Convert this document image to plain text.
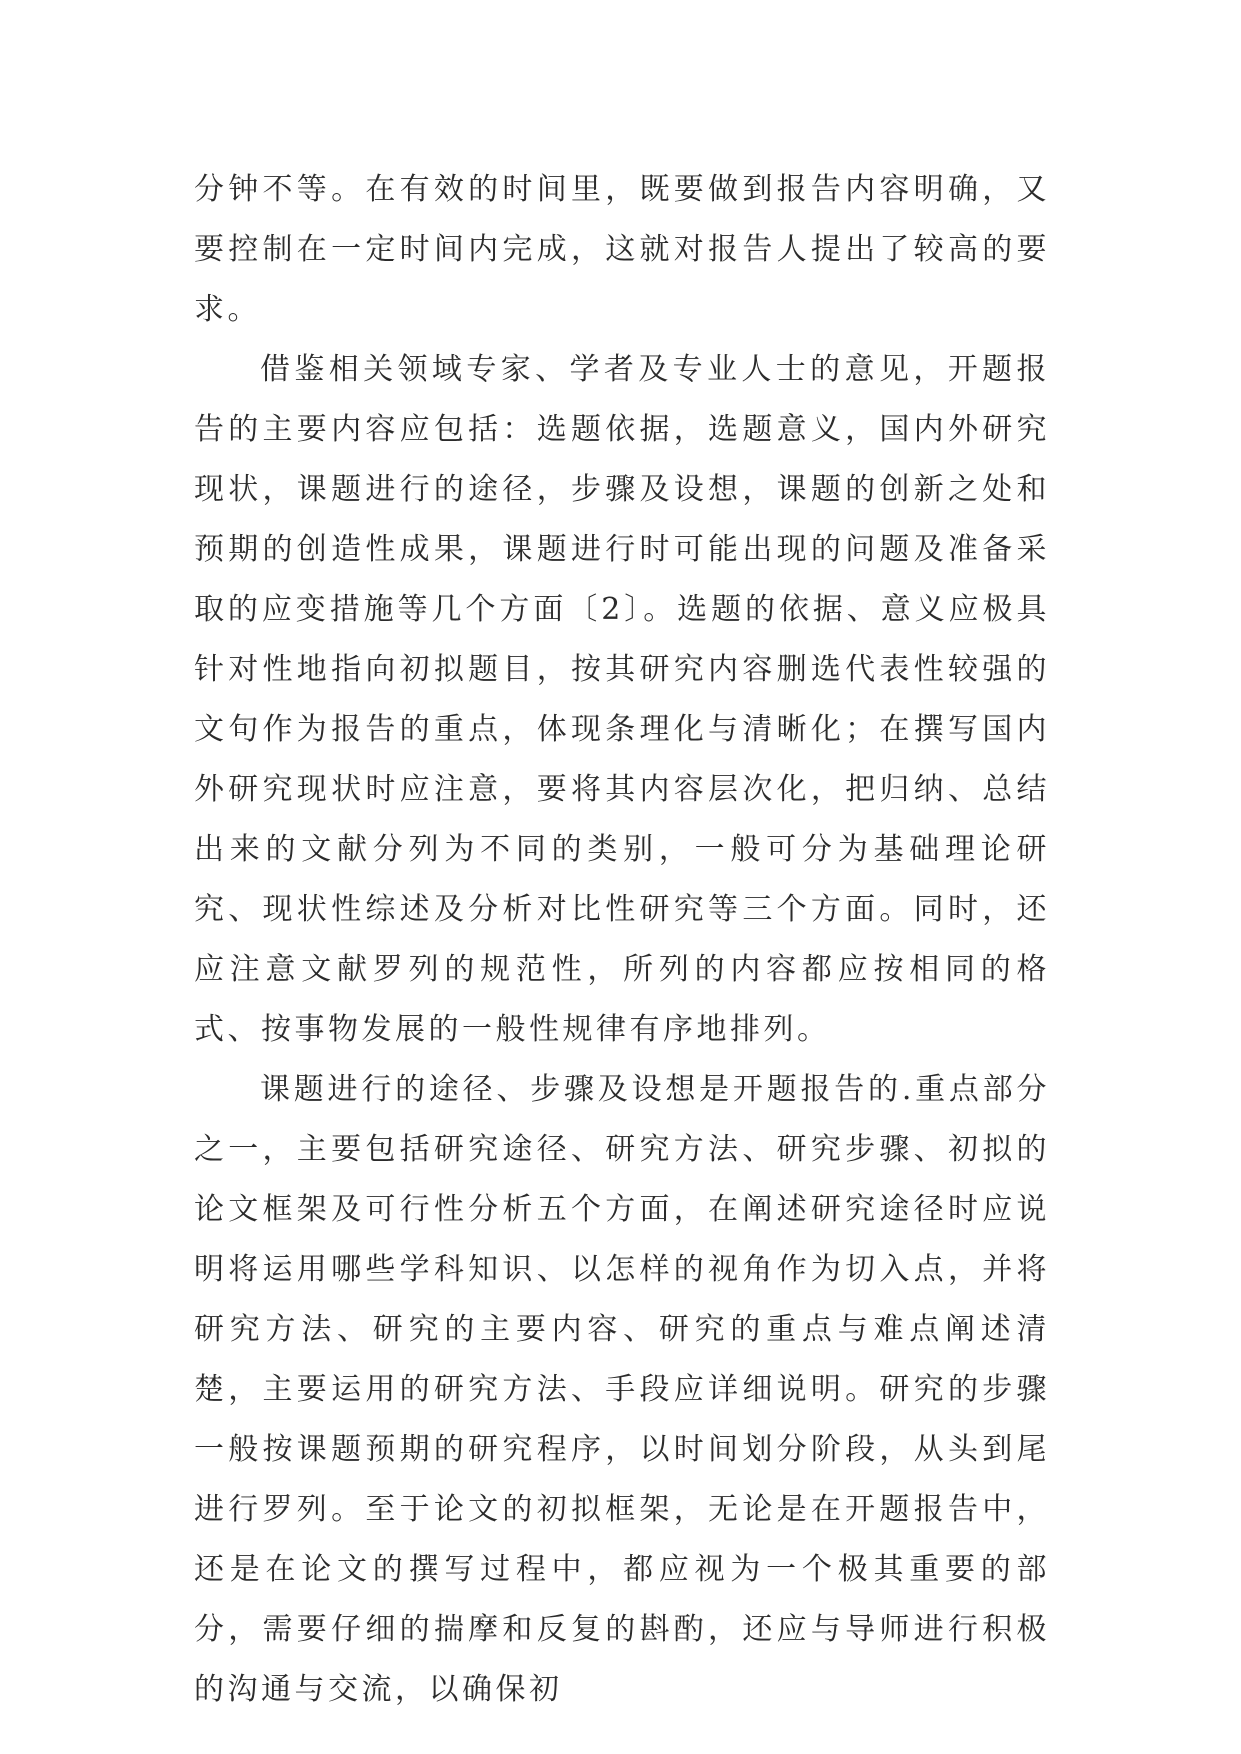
分钟不等。在有效的时间里，既要做到报告内容明确，又要控制在一定时间内完成，这就对报告人提出了较高的要求。

借鉴相关领域专家、学者及专业人士的意见，开题报告的主要内容应包括：选题依据，选题意义，国内外研究现状，课题进行的途径，步骤及设想，课题的创新之处和预期的创造性成果，课题进行时可能出现的问题及准备采取的应变措施等几个方面〔2〕。选题的依据、意义应极具针对性地指向初拟题目，按其研究内容删选代表性较强的文句作为报告的重点，体现条理化与清晰化；在撰写国内外研究现状时应注意，要将其内容层次化，把归纳、总结出来的文献分列为不同的类别，一般可分为基础理论研究、现状性综述及分析对比性研究等三个方面。同时，还应注意文献罗列的规范性，所列的内容都应按相同的格式、按事物发展的一般性规律有序地排列。

课题进行的途径、步骤及设想是开题报告的.重点部分之一，主要包括研究途径、研究方法、研究步骤、初拟的论文框架及可行性分析五个方面，在阐述研究途径时应说明将运用哪些学科知识、以怎样的视角作为切入点，并将研究方法、研究的主要内容、研究的重点与难点阐述清楚，主要运用的研究方法、手段应详细说明。研究的步骤一般按课题预期的研究程序，以时间划分阶段，从头到尾进行罗列。至于论文的初拟框架，无论是在开题报告中，还是在论文的撰写过程中，都应视为一个极其重要的部分，需要仔细的揣摩和反复的斟酌，还应与导师进行积极的沟通与交流，以确保初
